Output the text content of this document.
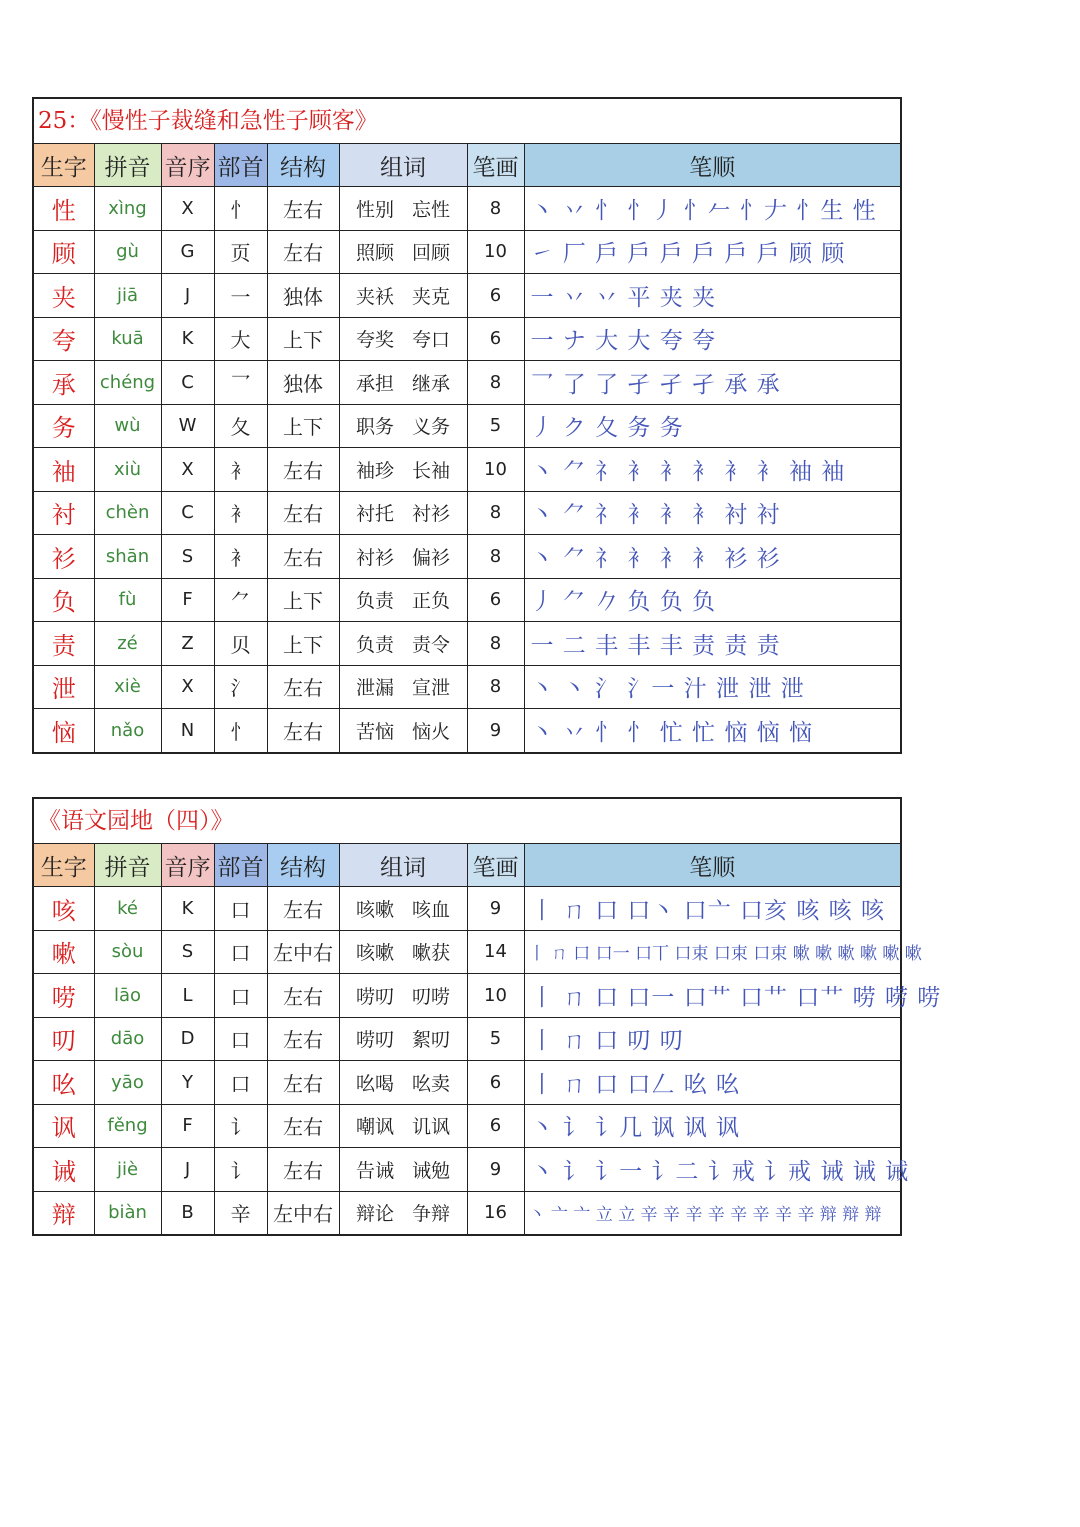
25：《慢性子裁缝和急性子顾客》
生字	拼音	音序	部首	结构	组词	笔画	笔顺
性	xìng	X	忄	左右	性别 忘性	8	丶 丷 忄 忄丿 忄𠂉 忄𠂇 忄生 性
顾	gù	G	页	左右	照顾 回顾	10	㇀ 厂 戶 戶 戶 戶 戶 戶 顾 顾
夹	jiā	J	一	独体	夹袄 夹克	6	一 丷 丷 平 夹 夹
夸	kuā	K	大	上下	夸奖 夸口	6	一 ナ 大 大 夸 夸
承	chéng	C	乛	独体	承担 继承	8	乛 了 了 孑 孑 孑 承 承
务	wù	W	夂	上下	职务 义务	5	丿 ク 夂 务 务
袖	xiù	X	衤	左右	袖珍 长袖	10	丶 ⺈ 礻 衤 衤 衤 衤 衤 袖 袖
衬	chèn	C	衤	左右	衬托 衬衫	8	丶 ⺈ 礻 衤 衤 衤 衬 衬
衫	shān	S	衤	左右	衬衫 偏衫	8	丶 ⺈ 礻 衤 衤 衤 衫 衫
负	fù	F	⺈	上下	负责 正负	6	丿 ⺈ 𠂊 负 负 负
责	zé	Z	贝	上下	负责 责令	8	一 二 丰 丰 丰 责 责 责
泄	xiè	X	氵	左右	泄漏 宣泄	8	丶 丶 氵 氵一 汁 泄 泄 泄
恼	nǎo	N	忄	左右	苦恼 恼火	9	丶 丷 忄 忄 忙 忙 恼 恼 恼
《语文园地（四）》
生字	拼音	音序	部首	结构	组词	笔画	笔顺
咳	ké	K	口	左右	咳嗽 咳血	9	丨 ㄇ 口 口丶 口亠 口亥 咳 咳 咳
嗽	sòu	S	口	左中右	咳嗽 嗽获	14	丨 ㄇ 口 口一 口丅 口束 口束 口束 嗽 嗽 嗽 嗽 嗽 嗽
唠	lāo	L	口	左右	唠叨 叨唠	10	丨 ㄇ 口 口一 口艹 口艹 口艹 唠 唠 唠
叨	dāo	D	口	左右	唠叨 絮叨	5	丨 ㄇ 口 叨 叨
吆	yāo	Y	口	左右	吆喝 吆卖	6	丨 ㄇ 口 口𠃋 吆 吆
讽	fěng	F	讠	左右	嘲讽 讥讽	6	丶 讠 讠几 讽 讽 讽
诫	jiè	J	讠	左右	告诫 诫勉	9	丶 讠 讠一 讠二 讠戒 讠戒 诫 诫 诫
辩	biàn	B	辛	左中右	辩论 争辩	16	丶 亠 亠 立 立 辛 辛 辛 辛 辛 辛 辛 辛 辩 辩 辩
